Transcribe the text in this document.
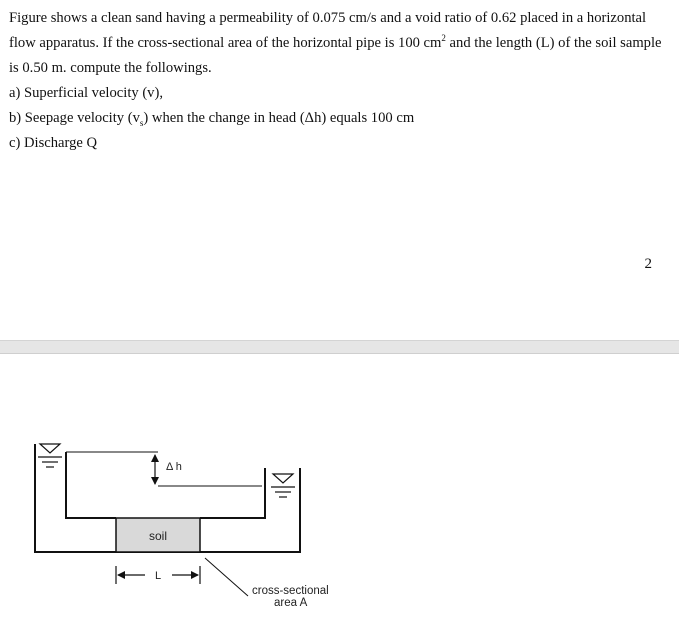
Figure shows a clean sand having a permeability of 0.075 cm/s and a void ratio of 0.62 placed in a horizontal flow apparatus. If the cross-sectional area of the horizontal pipe is 100 $cm^2$ and the length (L) of the soil sample is 0.50 m. compute the followings.

a) Superficial velocity (v),

b) Seepage velocity $(v_s)$ when the change in head (Δh) equals 100 cm

c) Discharge Q

2
soil
Δ h
L
cross-sectional
area A
